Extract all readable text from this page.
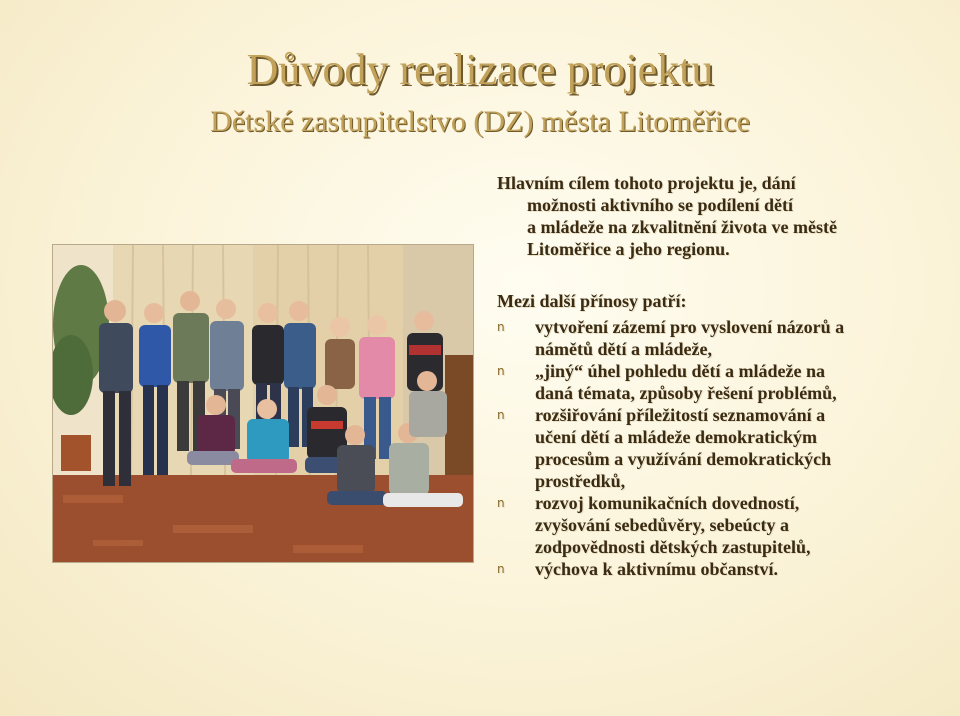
Důvody realizace projektu
Dětské zastupitelstvo (DZ) města Litoměřice

Hlavním cílem tohoto projektu je, dání

možnosti aktivního se podílení dětí

a mládeže na zkvalitnění života ve městě

Litoměřice a jeho regionu.

Mezi další přínosy patří:
n vytvoření zázemí pro vyslovení názorů a
námětů dětí a mládeže,
n „jiný“ úhel pohledu dětí a mládeže na
daná témata, způsoby řešení problémů,
n rozšiřování příležitostí seznamování a
učení dětí a mládeže demokratickým
procesům a využívání demokratických
prostředků,
n rozvoj komunikačních dovedností,
zvyšování sebedůvěry, sebeúcty a
zodpovědnosti dětských zastupitelů,
n výchova k aktivnímu občanství.
